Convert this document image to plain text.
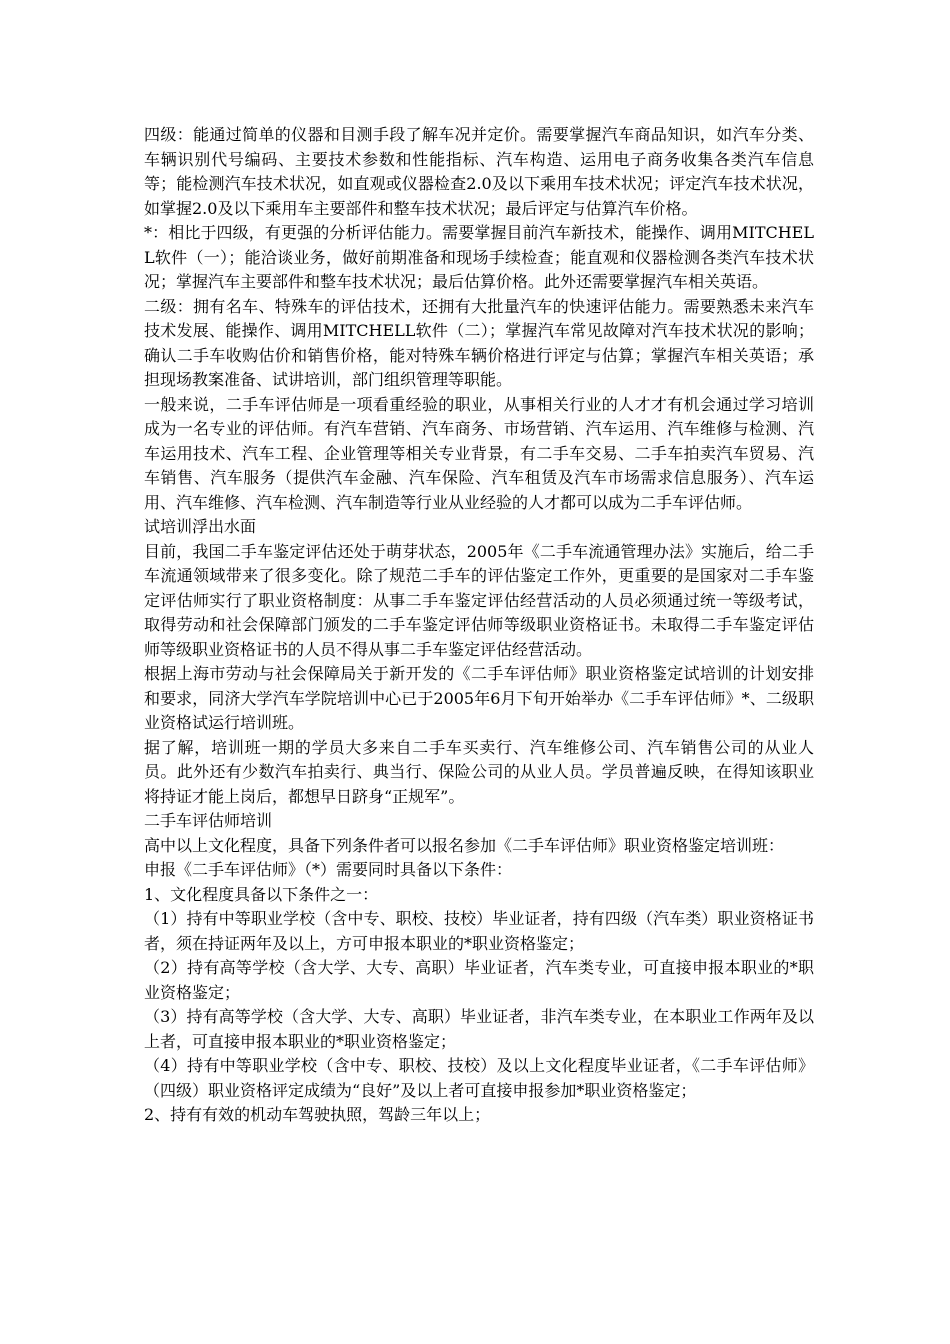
四级：能通过简单的仪器和目测手段了解车况并定价。需要掌握汽车商品知识，如汽车分类、车辆识别代号编码、主要技术参数和性能指标、汽车构造、运用电子商务收集各类汽车信息等；能检测汽车技术状况，如直观或仪器检查2.0及以下乘用车技术状况；评定汽车技术状况，如掌握2.0及以下乘用车主要部件和整车技术状况；最后评定与估算汽车价格。

*：相比于四级，有更强的分析评估能力。需要掌握目前汽车新技术，能操作、调用MITCHELL软件（一）；能洽谈业务，做好前期准备和现场手续检查；能直观和仪器检测各类汽车技术状况；掌握汽车主要部件和整车技术状况；最后估算价格。此外还需要掌握汽车相关英语。

二级：拥有名车、特殊车的评估技术，还拥有大批量汽车的快速评估能力。需要熟悉未来汽车技术发展、能操作、调用MITCHELL软件（二）；掌握汽车常见故障对汽车技术状况的影响；确认二手车收购估价和销售价格，能对特殊车辆价格进行评定与估算；掌握汽车相关英语；承担现场教案准备、试讲培训，部门组织管理等职能。

一般来说，二手车评估师是一项看重经验的职业，从事相关行业的人才才有机会通过学习培训成为一名专业的评估师。有汽车营销、汽车商务、市场营销、汽车运用、汽车维修与检测、汽车运用技术、汽车工程、企业管理等相关专业背景，有二手车交易、二手车拍卖汽车贸易、汽车销售、汽车服务（提供汽车金融、汽车保险、汽车租赁及汽车市场需求信息服务）、汽车运用、汽车维修、汽车检测、汽车制造等行业从业经验的人才都可以成为二手车评估师。

试培训浮出水面

目前，我国二手车鉴定评估还处于萌芽状态，2005年《二手车流通管理办法》实施后，给二手车流通领域带来了很多变化。除了规范二手车的评估鉴定工作外，更重要的是国家对二手车鉴定评估师实行了职业资格制度：从事二手车鉴定评估经营活动的人员必须通过统一等级考试，取得劳动和社会保障部门颁发的二手车鉴定评估师等级职业资格证书。未取得二手车鉴定评估师等级职业资格证书的人员不得从事二手车鉴定评估经营活动。

根据上海市劳动与社会保障局关于新开发的《二手车评估师》职业资格鉴定试培训的计划安排和要求，同济大学汽车学院培训中心已于2005年6月下旬开始举办《二手车评估师》*、二级职业资格试运行培训班。

据了解，培训班一期的学员大多来自二手车买卖行、汽车维修公司、汽车销售公司的从业人员。此外还有少数汽车拍卖行、典当行、保险公司的从业人员。学员普遍反映，在得知该职业将持证才能上岗后，都想早日跻身“正规军”。

二手车评估师培训

高中以上文化程度，具备下列条件者可以报名参加《二手车评估师》职业资格鉴定培训班：

申报《二手车评估师》（*）需要同时具备以下条件：

1、文化程度具备以下条件之一：

（1）持有中等职业学校（含中专、职校、技校）毕业证者，持有四级（汽车类）职业资格证书者，须在持证两年及以上，方可申报本职业的*职业资格鉴定；

（2）持有高等学校（含大学、大专、高职）毕业证者，汽车类专业，可直接申报本职业的*职业资格鉴定；

（3）持有高等学校（含大学、大专、高职）毕业证者，非汽车类专业，在本职业工作两年及以上者，可直接申报本职业的*职业资格鉴定；

（4）持有中等职业学校（含中专、职校、技校）及以上文化程度毕业证者，《二手车评估师》（四级）职业资格评定成绩为“良好”及以上者可直接申报参加*职业资格鉴定；

2、持有有效的机动车驾驶执照，驾龄三年以上；
